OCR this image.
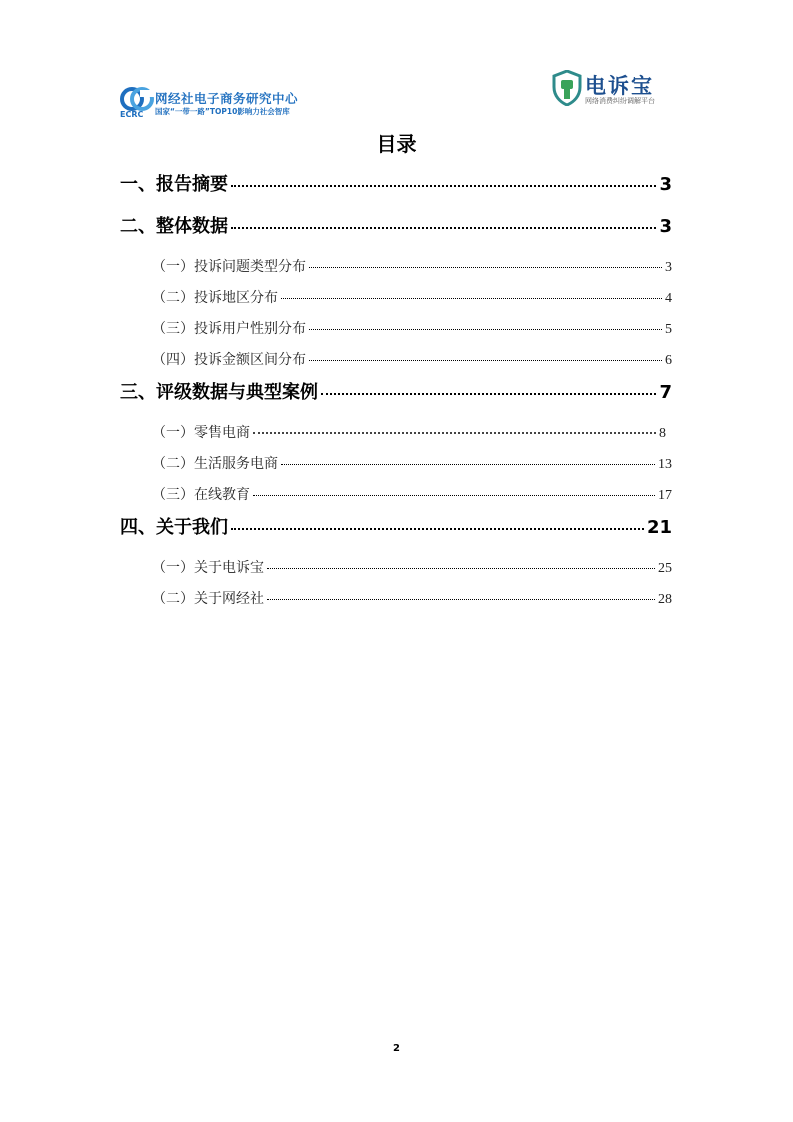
网经社电子商务研究中心
国家“一带一路”TOP10影响力社会智库
ECRC
电诉宝
网络消费纠纷调解平台
目录
一、报告摘要	3
二、整体数据	3
（一）投诉问题类型分布	3
（二）投诉地区分布	4
（三）投诉用户性别分布	5
（四）投诉金额区间分布	6
三、评级数据与典型案例	7
（一）零售电商	8
（二）生活服务电商	13
（三）在线教育	17
四、关于我们	21
（一）关于电诉宝	25
（二）关于网经社	28
2
